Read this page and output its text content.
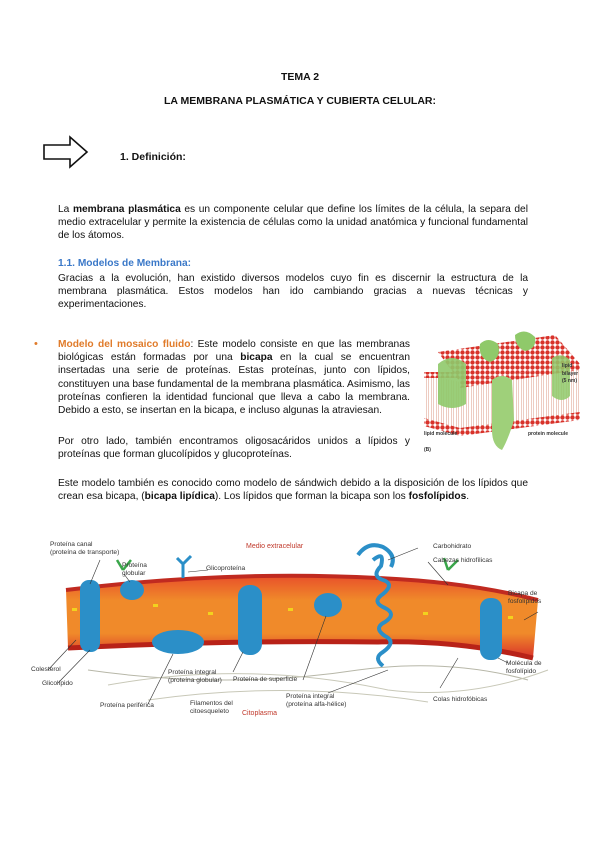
TEMA 2
LA MEMBRANA PLASMÁTICA Y CUBIERTA CELULAR:
1. Definición:
La membrana plasmática es un componente celular que define los límites de la célula, la separa del medio extracelular y permite la existencia de células como la unidad anatómica y funcional fundamental de los átomos.
1.1. Modelos de Membrana:
Gracias a la evolución, han existido diversos modelos cuyo fin es discernir la estructura de la membrana plasmática. Estos modelos han ido cambiando gracias a nuevas técnicas y experimentaciones.
• Modelo del mosaico fluido: Este modelo consiste en que las membranas biológicas están formadas por una bicapa en la cual se encuentran insertadas una serie de proteínas. Estas proteínas, junto con lípidos, constituyen una base fundamental de la membrana plasmática. Asimismo, las proteínas confieren la identidad funcional que lleva a cabo la membrana. Debido a esto, se insertan en la bicapa, e incluso algunas la atraviesan.
Por otro lado, también encontramos oligosacáridos unidos a lípidos y proteínas que forman glucolípidos y glucoproteínas.
lipid
bilayer
(5 nm)
lipid molecule	protein molecule
(B)
Este modelo también es conocido como modelo de sándwich debido a la disposición de los lípidos que crean esa bicapa, (bicapa lipídica). Los lípidos que forman la bicapa son los fosfolípidos.
Proteína canal
(proteína de transporte)
Proteína
globular
Glicoproteína
Medio extracelular	Carbohidrato
Cabezas hidrofílicas
Bicapa de
fosfolípidos
Colesterol
Glicolípido
Proteína integral
(proteína globular) Proteína de superficie
Proteína integral
(proteína alfa-hélice)
Molécula de
fosfolípido
Colas hidrofóbicas
Proteína periférica	Filamentos del
citoesqueleto	Citoplasma
